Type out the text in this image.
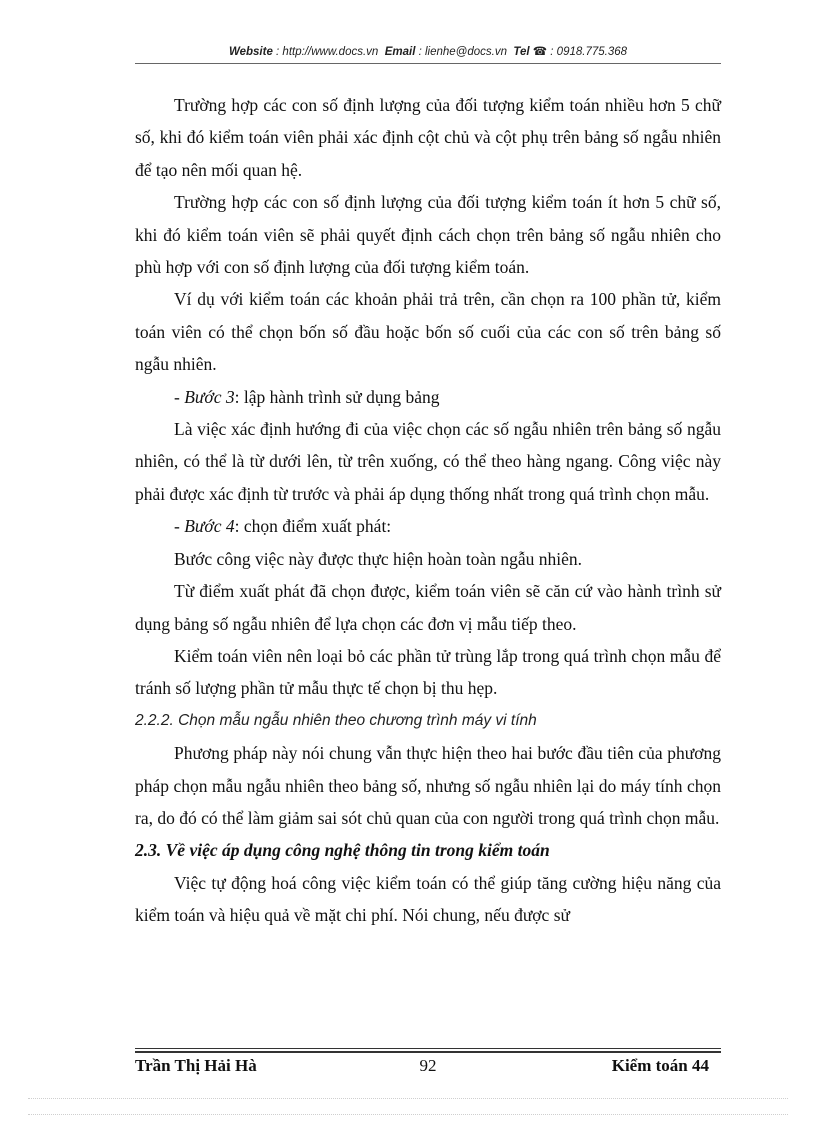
Website : http://www.docs.vn Email : lienhe@docs.vn Tel ☎ : 0918.775.368

Trường hợp các con số định lượng của đối tượng kiểm toán nhiều hơn 5 chữ số, khi đó kiểm toán viên phải xác định cột chủ và cột phụ trên bảng số ngẫu nhiên để tạo nên mối quan hệ.

Trường hợp các con số định lượng của đối tượng kiểm toán ít hơn 5 chữ số, khi đó kiểm toán viên sẽ phải quyết định cách chọn trên bảng số ngẫu nhiên cho phù hợp với con số định lượng của đối tượng kiểm toán.

Ví dụ với kiểm toán các khoản phải trả trên, cần chọn ra 100 phần tử, kiểm toán viên có thể chọn bốn số đầu hoặc bốn số cuối của các con số trên bảng số ngẫu nhiên.

- Bước 3: lập hành trình sử dụng bảng

Là việc xác định hướng đi của việc chọn các số ngẫu nhiên trên bảng số ngẫu nhiên, có thể là từ dưới lên, từ trên xuống, có thể theo hàng ngang. Công việc này phải được xác định từ trước và phải áp dụng thống nhất trong quá trình chọn mẫu.

- Bước 4: chọn điểm xuất phát:

Bước công việc này được thực hiện hoàn toàn ngẫu nhiên.

Từ điểm xuất phát đã chọn được, kiểm toán viên sẽ căn cứ vào hành trình sử dụng bảng số ngẫu nhiên để lựa chọn các đơn vị mẫu tiếp theo.

Kiểm toán viên nên loại bỏ các phần tử trùng lắp trong quá trình chọn mẫu để tránh số lượng phần tử mẫu thực tế chọn bị thu hẹp.

2.2.2. Chọn mẫu ngẫu nhiên theo chương trình máy vi tính

Phương pháp này nói chung vẫn thực hiện theo hai bước đầu tiên của phương pháp chọn mẫu ngẫu nhiên theo bảng số, nhưng số ngẫu nhiên lại do máy tính chọn ra, do đó có thể làm giảm sai sót chủ quan của con người trong quá trình chọn mẫu.

2.3. Về việc áp dụng công nghệ thông tin trong kiểm toán

Việc tự động hoá công việc kiểm toán có thể giúp tăng cường hiệu năng của kiểm toán và hiệu quả về mặt chi phí. Nói chung, nếu được sử

Trần Thị Hải Hà	92	Kiểm toán 44
